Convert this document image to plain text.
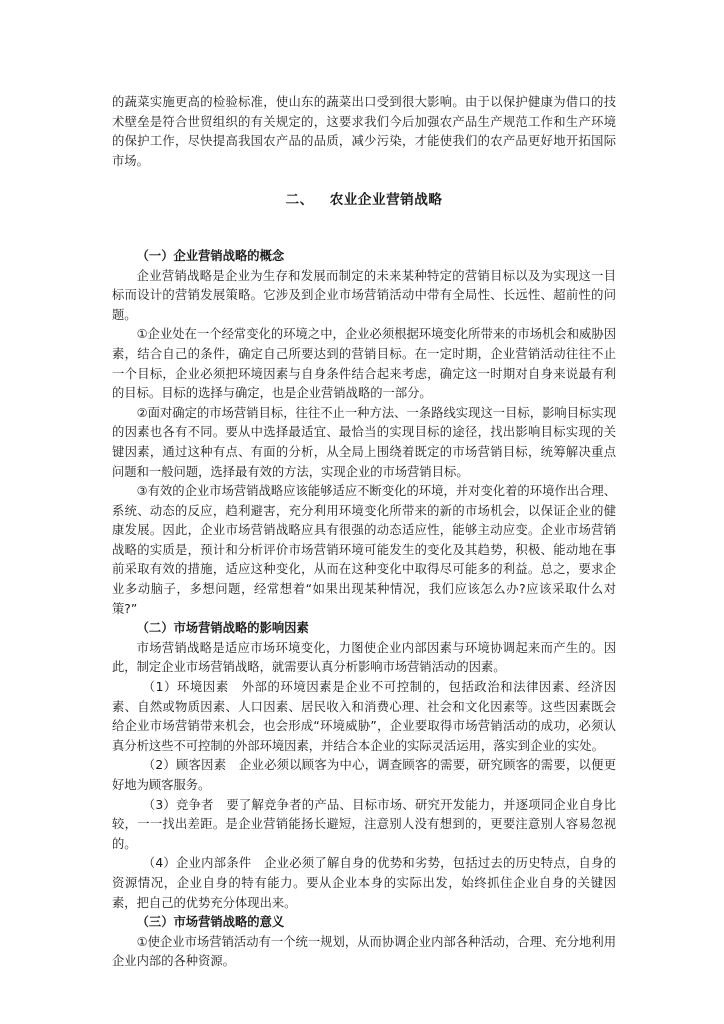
的蔬菜实施更高的检验标准，使山东的蔬菜出口受到很大影响。由于以保护健康为借口的技术壁垒是符合世贸组织的有关规定的，这要求我们今后加强农产品生产规范工作和生产环境的保护工作，尽快提高我国农产品的品质，减少污染，才能使我们的农产品更好地开拓国际市场。

二、 农业企业营销战略

（一）企业营销战略的概念

企业营销战略是企业为生存和发展而制定的未来某种特定的营销目标以及为实现这一目标而设计的营销发展策略。它涉及到企业市场营销活动中带有全局性、长远性、超前性的问题。

①企业处在一个经常变化的环境之中，企业必须根据环境变化所带来的市场机会和威胁因素，结合自己的条件，确定自己所要达到的营销目标。在一定时期，企业营销活动往往不止一个目标，企业必须把环境因素与自身条件结合起来考虑，确定这一时期对自身来说最有利的目标。目标的选择与确定，也是企业营销战略的一部分。

②面对确定的市场营销目标，往往不止一种方法、一条路线实现这一目标，影响目标实现的因素也各有不同。要从中选择最适宜、最恰当的实现目标的途径，找出影响目标实现的关键因素，通过这种有点、有面的分析，从全局上围绕着既定的市场营销目标，统筹解决重点问题和一般问题，选择最有效的方法，实现企业的市场营销目标。

③有效的企业市场营销战略应该能够适应不断变化的环境，并对变化着的环境作出合理、系统、动态的反应，趋利避害，充分利用环境变化所带来的新的市场机会，以保证企业的健康发展。因此，企业市场营销战略应具有很强的动态适应性，能够主动应变。企业市场营销战略的实质是，预计和分析评价市场营销环境可能发生的变化及其趋势，积极、能动地在事前采取有效的措施，适应这种变化，从而在这种变化中取得尽可能多的利益。总之，要求企业多动脑子，多想问题，经常想着“如果出现某种情况，我们应该怎么办?应该采取什么对策?”

（二）市场营销战略的影响因素

市场营销战略是适应市场环境变化，力图使企业内部因素与环境协调起来而产生的。因此，制定企业市场营销战略，就需要认真分析影响市场营销活动的因素。

（1）环境因素　外部的环境因素是企业不可控制的，包括政治和法律因素、经济因素、自然或物质因素、人口因素、居民收入和消费心理、社会和文化因素等。这些因素既会给企业市场营销带来机会，也会形成“环境威胁”，企业要取得市场营销活动的成功，必须认真分析这些不可控制的外部环境因素，并结合本企业的实际灵活运用，落实到企业的实处。

（2）顾客因素　企业必须以顾客为中心，调查顾客的需要，研究顾客的需要，以便更好地为顾客服务。

（3）竞争者　要了解竞争者的产品、目标市场、研究开发能力，并逐项同企业自身比较，一一找出差距。是企业营销能扬长避短，注意别人没有想到的，更要注意别人容易忽视的。

（4）企业内部条件　企业必须了解自身的优势和劣势，包括过去的历史特点，自身的资源情况，企业自身的特有能力。要从企业本身的实际出发，始终抓住企业自身的关键因素，把自己的优势充分体现出来。

（三）市场营销战略的意义

①使企业市场营销活动有一个统一规划，从而协调企业内部各种活动，合理、充分地利用企业内部的各种资源。
